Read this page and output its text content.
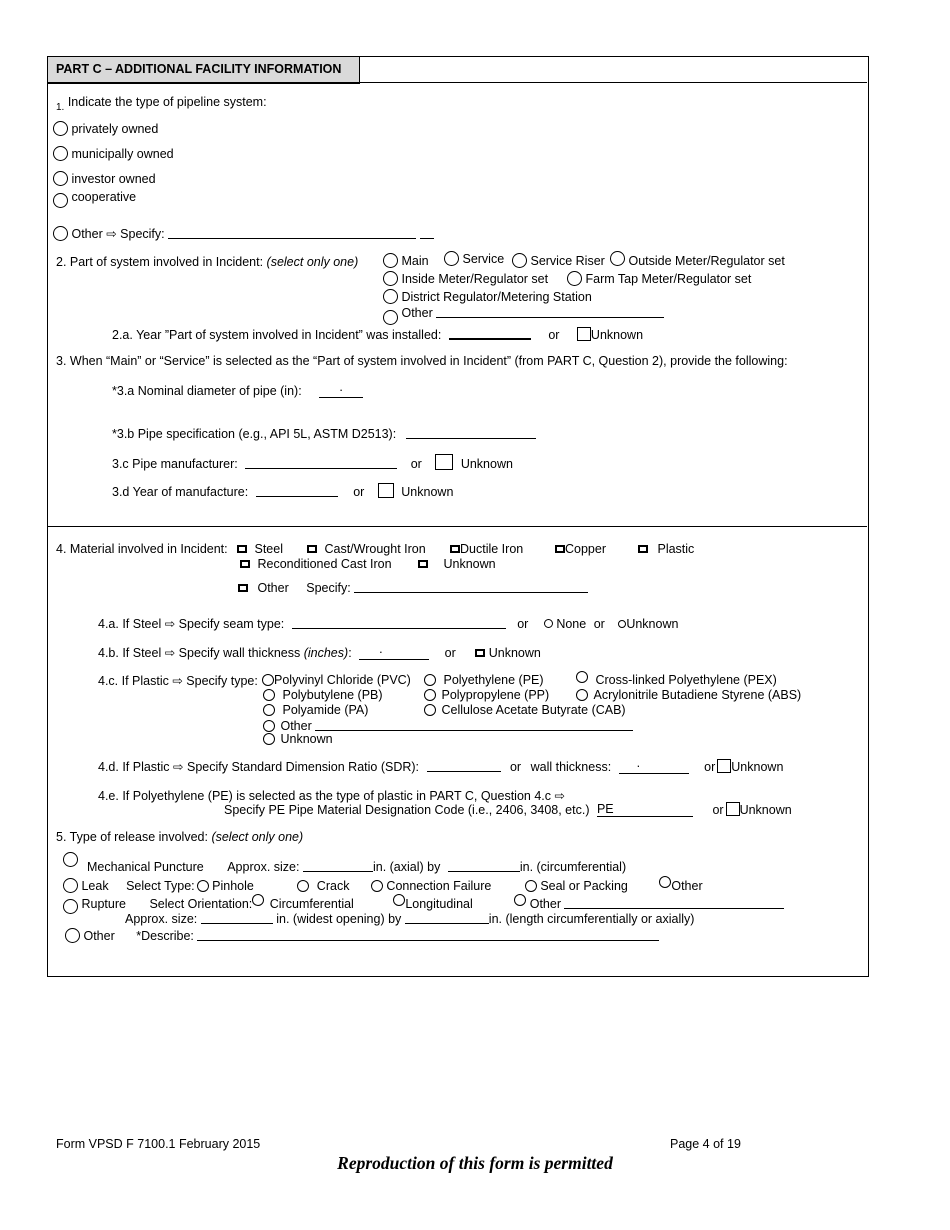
PART C – ADDITIONAL FACILITY INFORMATION
$_{1.}$ Indicate the type of pipeline system:
privately owned
municipally owned
investor owned
cooperative
Other ⇨ Specify:
2. Part of system involved in Incident: (select only one)	Main	Service	Service Riser	Outside Meter/Regulator set
Inside Meter/Regulator set	Farm Tap Meter/Regulator set
District Regulator/Metering Station
Other
2.a. Year ”Part of system involved in Incident” was installed:	or	Unknown
3. When “Main” or “Service” is selected as the “Part of system involved in Incident” (from PART C, Question 2), provide the following:
*3.a Nominal diameter of pipe (in):	.
*3.b Pipe specification (e.g., API 5L, ASTM D2513):
3.c Pipe manufacturer:	or	Unknown
3.d Year of manufacture:	or	Unknown
4. Material involved in Incident:	Steel	Cast/Wrought Iron	Ductile Iron	Copper	Plastic
Reconditioned Cast Iron	Unknown
Other Specify:
4.a. If Steel ⇨ Specify seam type:	or None or Unknown
4.b. If Steel ⇨ Specify wall thickness (inches): .	or	Unknown
4.c. If Plastic ⇨ Specify type:	Polyvinyl Chloride (PVC)	Polyethylene (PE)	Cross-linked Polyethylene (PEX)
Polybutylene (PB)	Polypropylene (PP)	Acrylonitrile Butadiene Styrene (ABS)
Polyamide (PA)	Cellulose Acetate Butyrate (CAB)
Other
Unknown
4.d. If Plastic ⇨ Specify Standard Dimension Ratio (SDR):	or wall thickness: .	or Unknown
4.e. If Polyethylene (PE) is selected as the type of plastic in PART C, Question 4.c ⇨
Specify PE Pipe Material Designation Code (i.e., 2406, 3408, etc.) PE	or Unknown
5. Type of release involved: (select only one)
Mechanical Puncture Approx. size:	in. (axial) by	in. (circumferential)
Leak Select Type: Pinhole	Crack	Connection Failure	Seal or Packing	Other
Rupture Select Orientation: Circumferential	Longitudinal	Other
Approx. size:	in. (widest opening) by	in. (length circumferentially or axially)
Other *Describe:
Form VPSD F 7100.1 February 2015	Page 4 of 19
Reproduction of this form is permitted
